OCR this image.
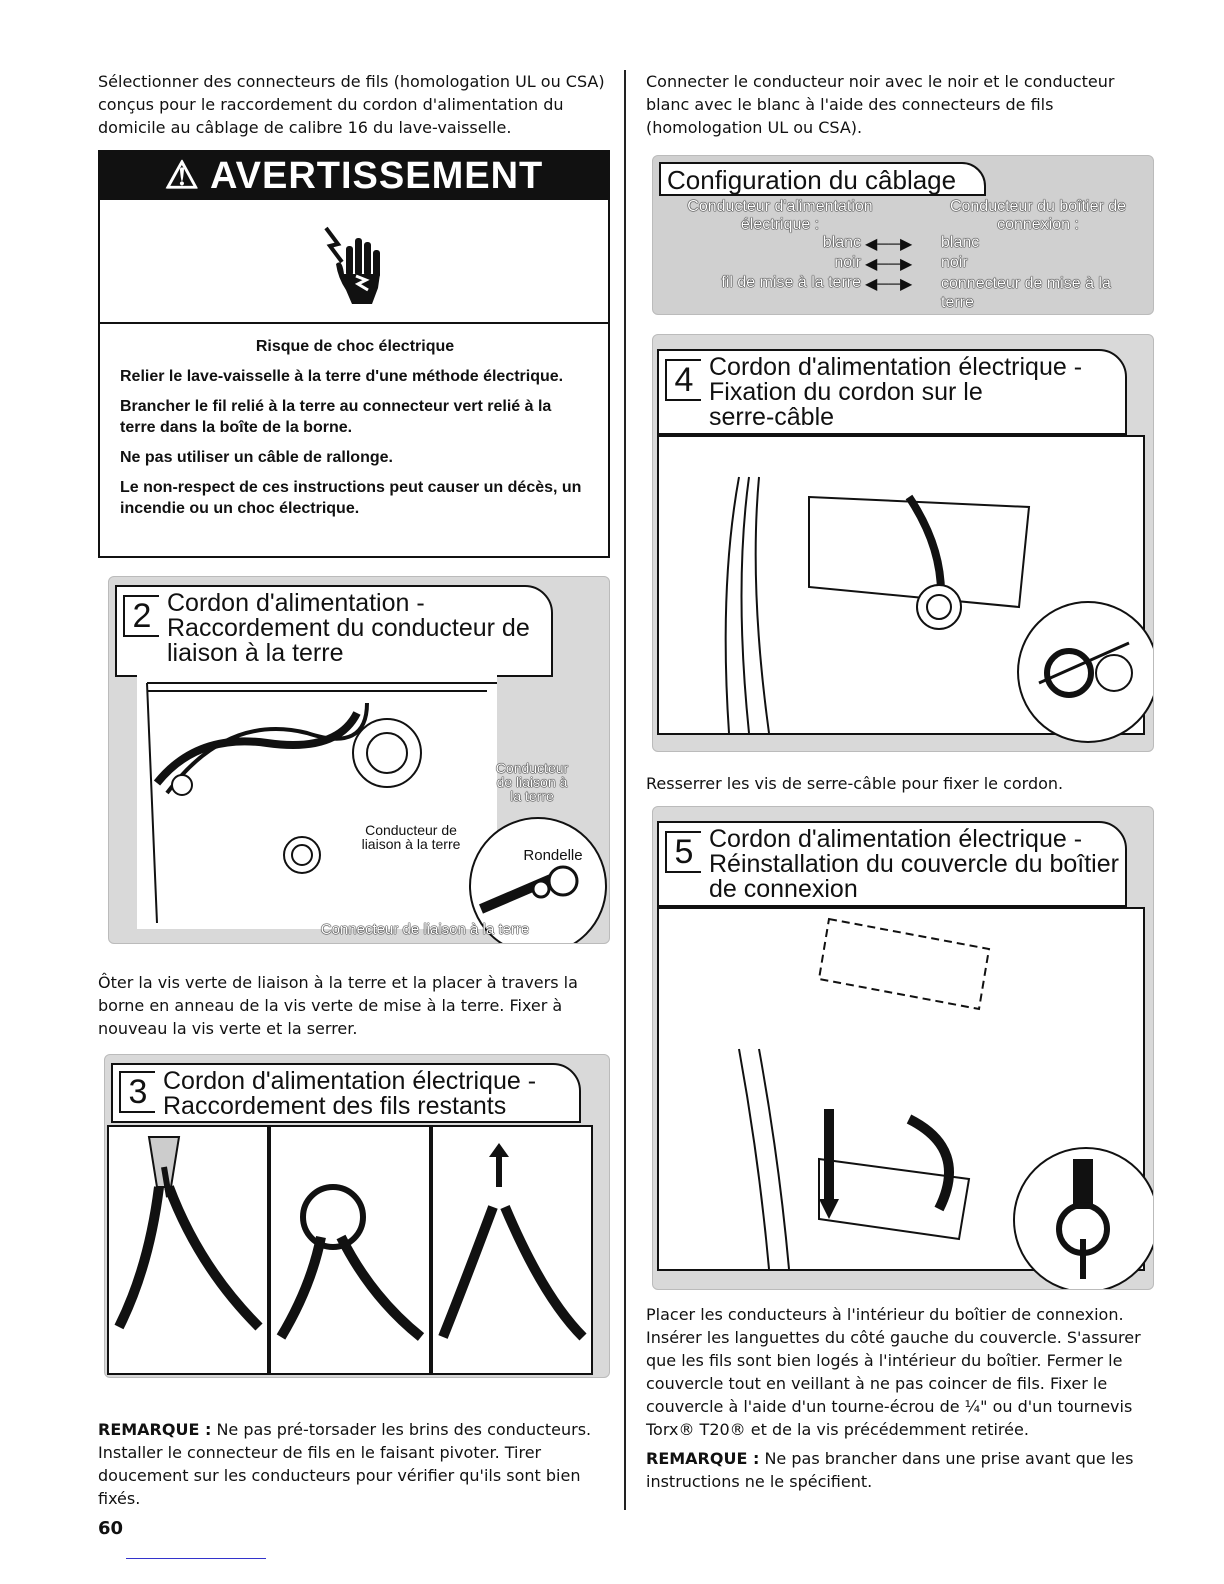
Sélectionner des connecteurs de fils (homologation UL ou CSA) conçus pour le raccordement du cordon d'alimentation du domicile au câblage de calibre 16 du lave-vaisselle.
⚠ AVERTISSEMENT

Risque de choc électrique

Relier le lave-vaisselle à la terre d'une méthode électrique.

Brancher le fil relié à la terre au connecteur vert relié à la terre dans la boîte de la borne.

Ne pas utiliser un câble de rallonge.

Le non-respect de ces instructions peut causer un décès, un incendie ou un choc électrique.

2 Cordon d'alimentation -
Raccordement du conducteur de
liaison à la terre
Conducteur de liaison à la terre
Conducteur de liaison à la terre
Rondelle
Connecteur de liaison à la terre
Ôter la vis verte de liaison à la terre et la placer à travers la borne en anneau de la vis verte de mise à la terre. Fixer à nouveau la vis verte et la serrer.
3 Cordon d'alimentation électrique -
Raccordement des fils restants
REMARQUE : Ne pas pré-torsader les brins des conducteurs. Installer le connecteur de fils en le faisant pivoter. Tirer doucement sur les conducteurs pour vérifier qu'ils sont bien fixés.
60
Connecter le conducteur noir avec le noir et le conducteur blanc avec le blanc à l'aide des connecteurs de fils (homologation UL ou CSA).
Configuration du câblage
Conducteur d'alimentation électrique :
Conducteur du boîtier de connexion :
blanc ◀──▶ blanc
noir ◀──▶ noir
fil de mise à la terre ◀──▶ connecteur de mise à la terre
4 Cordon d'alimentation électrique -
Fixation du cordon sur le
serre-câble
Resserrer les vis de serre-câble pour fixer le cordon.
5 Cordon d'alimentation électrique -
Réinstallation du couvercle du boîtier
de connexion
Placer les conducteurs à l'intérieur du boîtier de connexion. Insérer les languettes du côté gauche du couvercle. S'assurer que les fils sont bien logés à l'intérieur du boîtier. Fermer le couvercle tout en veillant à ne pas coincer de fils. Fixer le couvercle à l'aide d'un tourne-écrou de ¼" ou d'un tournevis Torx® T20® et de la vis précédemment retirée.
REMARQUE : Ne pas brancher dans une prise avant que les instructions ne le spécifient.
